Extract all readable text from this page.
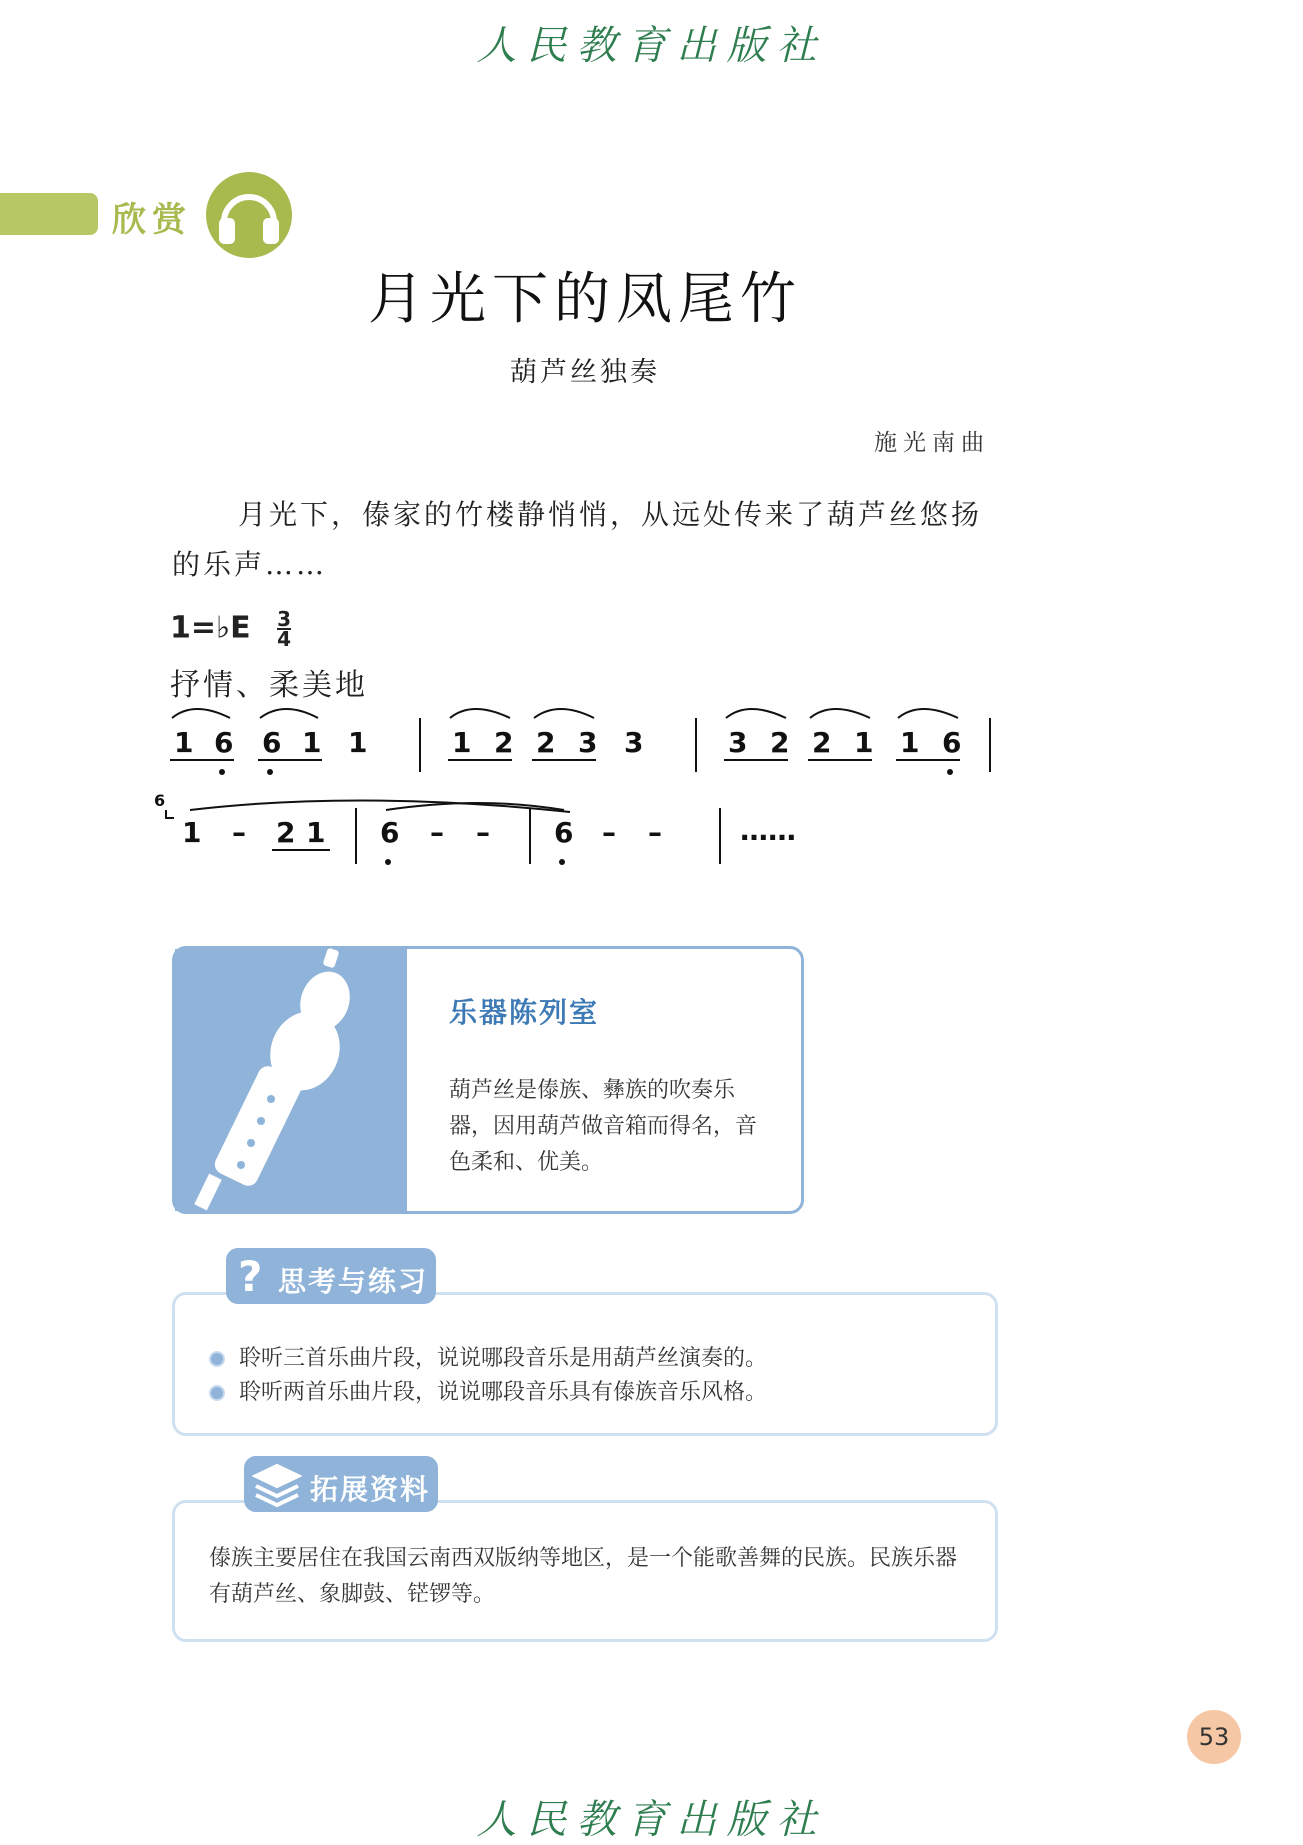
人民教育出版社
欣赏
月光下的凤尾竹
葫芦丝独奏
施光南曲
月光下，傣家的竹楼静悄悄，从远处传来了葫芦丝悠扬的乐声……
1=♭E $\frac{3}{4}$
抒情、柔美地
1 6 6 1 1	1 2 2 3 3	3 2 2 1 1 6
6
1 – 2 1 6 – – 6 – –	……
乐器陈列室
葫芦丝是傣族、彝族的吹奏乐器，因用葫芦做音箱而得名，音色柔和、优美。
聆听三首乐曲片段，说说哪段音乐是用葫芦丝演奏的。
聆听两首乐曲片段，说说哪段音乐具有傣族音乐风格。
? 思考与练习
傣族主要居住在我国云南西双版纳等地区，是一个能歌善舞的民族。民族乐器有葫芦丝、象脚鼓、铓锣等。
拓展资料
53
人民教育出版社
